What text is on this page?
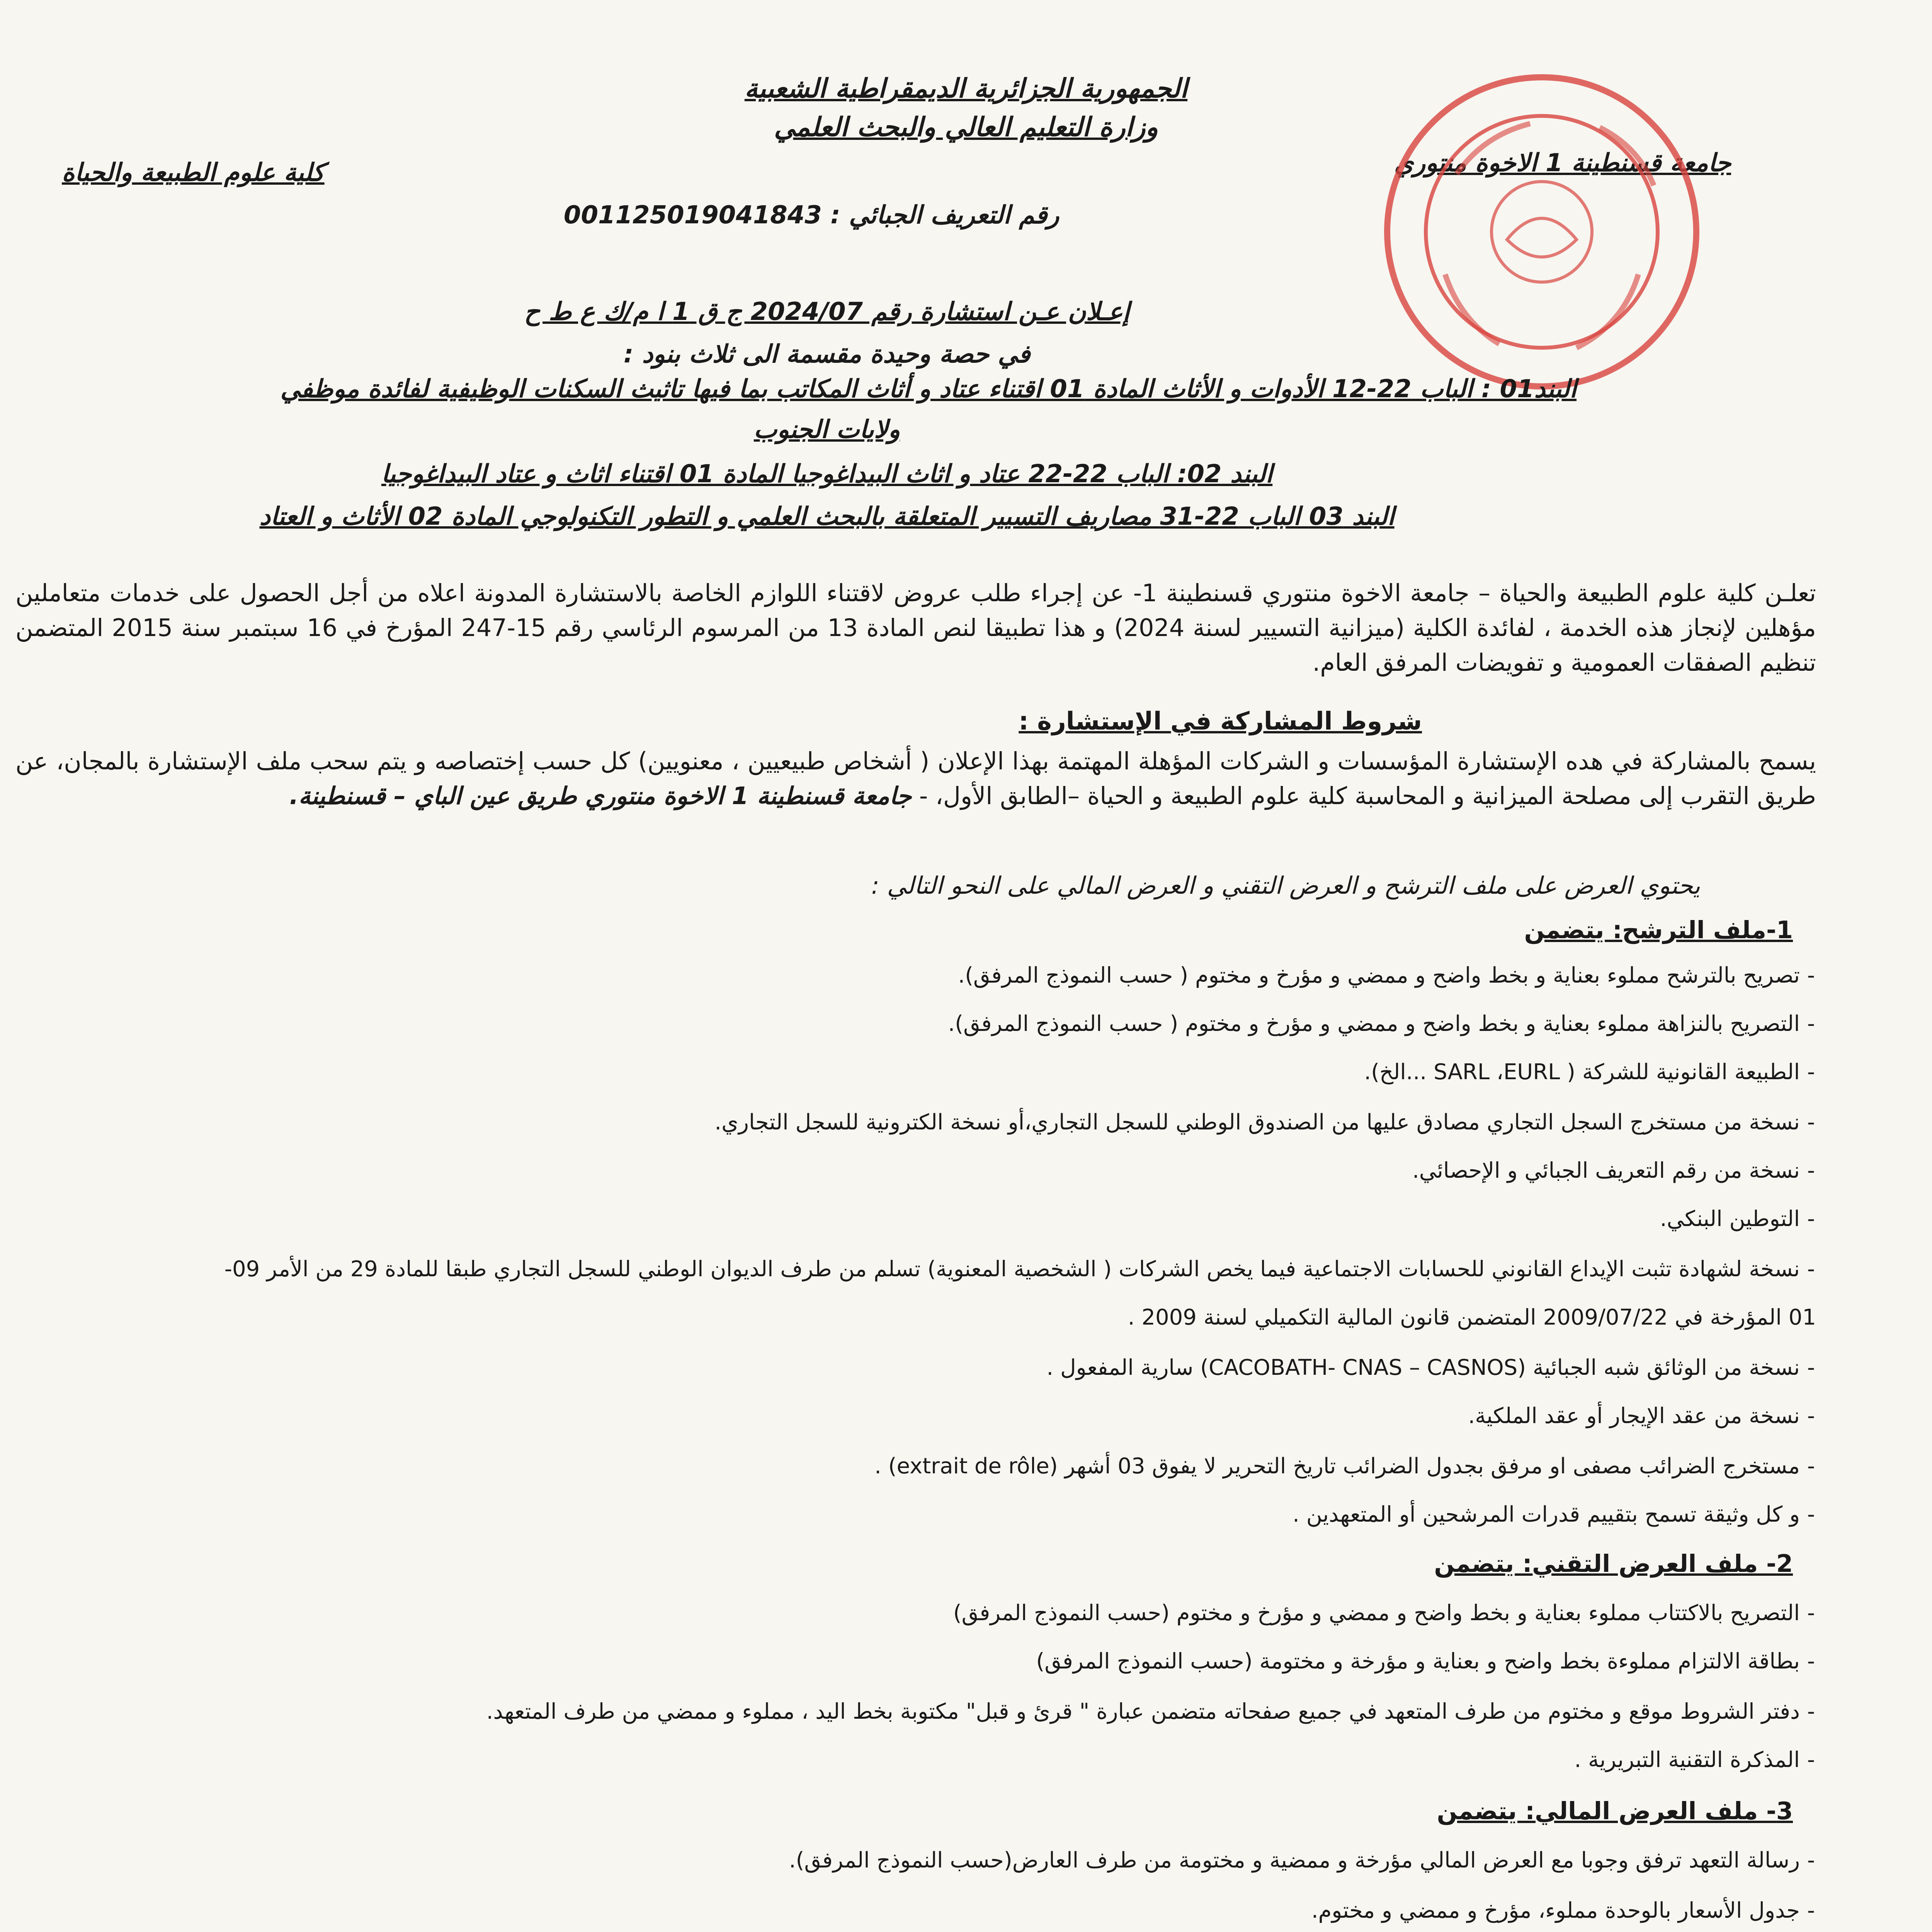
الجمهورية الجزائرية الديمقراطية الشعبية
وزارة التعليم العالي والبحث العلمي
جامعة قسنطينة 1 الاخوة منتوري
كلية علوم الطبيعة والحياة
رقم التعريف الجبائي : 001125019041843
إعـلان عـن استشارة رقم 2024/07 ج ق 1 ا م/ك ع ط ح
في حصة وحيدة مقسمة الى ثلاث بنود :
البند01 : الباب 22-12 الأدوات و الأثاث المادة 01 اقتناء عتاد و أثاث المكاتب بما فيها تاثيث السكنات الوظيفية لفائدة موظفي
ولايات الجنوب
البند 02: الباب 22-22 عتاد و اثاث البيداغوجيا المادة 01 اقتناء اثاث و عتاد البيداغوجيا
البند 03 الباب 22-31 مصاريف التسيير المتعلقة بالبحث العلمي و التطور التكنولوجي المادة 02 الأثاث و العتاد
تعلـن كلية علوم الطبيعة والحياة – جامعة الاخوة منتوري قسنطينة 1- عن إجراء طلب عروض لاقتناء اللوازم الخاصة بالاستشارة المدونة اعلاه من أجل الحصول على خدمات متعاملين مؤهلين لإنجاز هذه الخدمة ، لفائدة الكلية (ميزانية التسيير لسنة 2024) و هذا تطبيقا لنص المادة 13 من المرسوم الرئاسي رقم 15-247 المؤرخ في 16 سبتمبر سنة 2015 المتضمن تنظيم الصفقات العمومية و تفويضات المرفق العام.
شروط المشاركة في الإستشارة :
يسمح بالمشاركة في هده الإستشارة المؤسسات و الشركات المؤهلة المهتمة بهذا الإعلان ( أشخاص طبيعيين ، معنويين) كل حسب إختصاصه و يتم سحب ملف الإستشارة بالمجان، عن طريق التقرب إلى مصلحة الميزانية و المحاسبة كلية علوم الطبيعة و الحياة –الطابق الأول، - جامعة قسنطينة 1 الاخوة منتوري طريق عين الباي – قسنطينة.
يحتوي العرض على ملف الترشح و العرض التقني و العرض المالي على النحو التالي :
1-ملف الترشح: يتضمن
-تصريح بالترشح مملوء بعناية و بخط واضح و ممضي و مؤرخ و مختوم ( حسب النموذج المرفق).
-التصريح بالنزاهة مملوء بعناية و بخط واضح و ممضي و مؤرخ و مختوم ( حسب النموذج المرفق).
-الطبيعة القانونية للشركة ( SARL ،EURL ...الخ).
-نسخة من مستخرج السجل التجاري مصادق عليها من الصندوق الوطني للسجل التجاري،أو نسخة الكترونية للسجل التجاري.
-نسخة من رقم التعريف الجبائي و الإحصائي.
-التوطين البنكي.
-نسخة لشهادة تثبت الإيداع القانوني للحسابات الاجتماعية فيما يخص الشركات ( الشخصية المعنوية) تسلم من طرف الديوان الوطني للسجل التجاري طبقا للمادة 29 من الأمر 09-
01 المؤرخة في 2009/07/22 المتضمن قانون المالية التكميلي لسنة 2009 .
-نسخة من الوثائق شبه الجبائية (CACOBATH- CNAS – CASNOS) سارية المفعول .
-نسخة من عقد الإيجار أو عقد الملكية.
-مستخرج الضرائب مصفى او مرفق بجدول الضرائب تاريخ التحرير لا يفوق 03 أشهر (extrait de rôle) .
-و كل وثيقة تسمح بتقييم قدرات المرشحين أو المتعهدين .
2- ملف العرض التقني: يتضمن
-التصريح بالاكتتاب مملوء بعناية و بخط واضح و ممضي و مؤرخ و مختوم (حسب النموذج المرفق)
-بطاقة الالتزام مملوءة بخط واضح و بعناية و مؤرخة و مختومة (حسب النموذج المرفق)
-دفتر الشروط موقع و مختوم من طرف المتعهد في جميع صفحاته متضمن عبارة " قرئ و قبل" مكتوبة بخط اليد ، مملوء و ممضي من طرف المتعهد.
-المذكرة التقنية التبريرية .
3- ملف العرض المالي: يتضمن
-رسالة التعهد ترفق وجوبا مع العرض المالي مؤرخة و ممضية و مختومة من طرف العارض(حسب النموذج المرفق).
-جدول الأسعار بالوحدة مملوء، مؤرخ و ممضي و مختوم.
